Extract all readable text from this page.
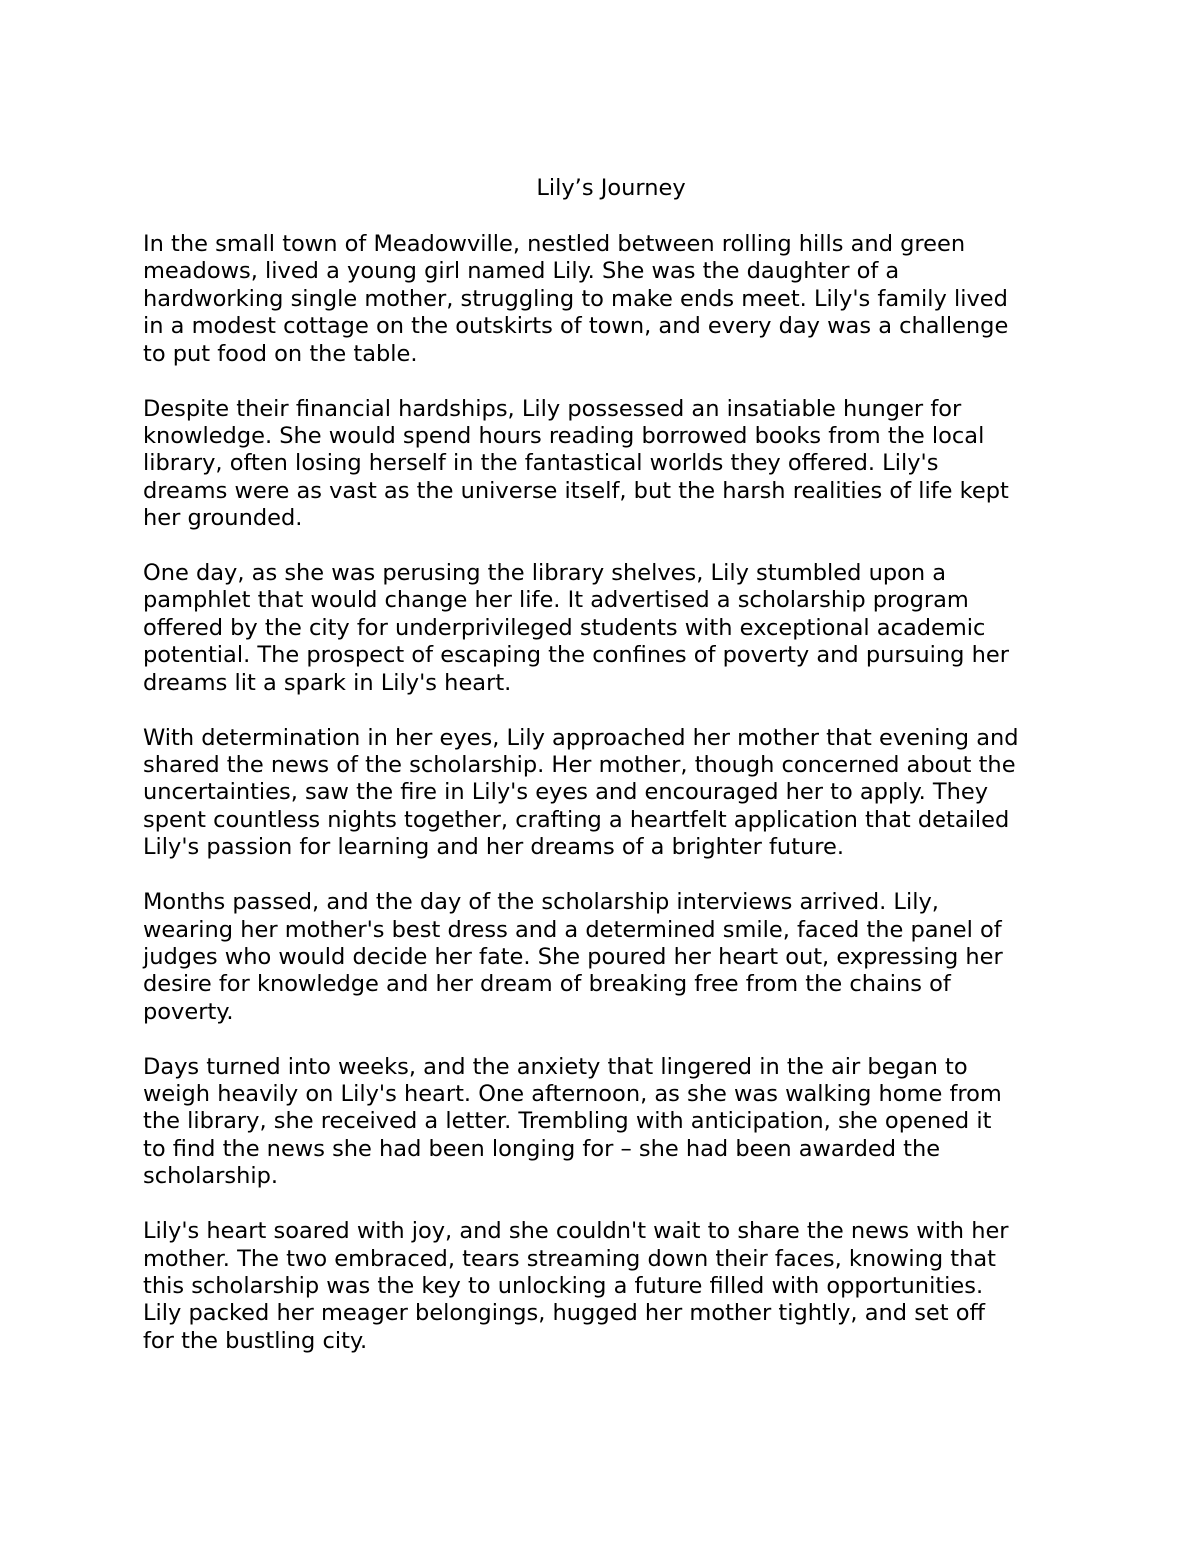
Lily’s Journey

In the small town of Meadowville, nestled between rolling hills and green
meadows, lived a young girl named Lily. She was the daughter of a
hardworking single mother, struggling to make ends meet. Lily's family lived
in a modest cottage on the outskirts of town, and every day was a challenge
to put food on the table.

Despite their financial hardships, Lily possessed an insatiable hunger for
knowledge. She would spend hours reading borrowed books from the local
library, often losing herself in the fantastical worlds they offered. Lily's
dreams were as vast as the universe itself, but the harsh realities of life kept
her grounded.

One day, as she was perusing the library shelves, Lily stumbled upon a
pamphlet that would change her life. It advertised a scholarship program
offered by the city for underprivileged students with exceptional academic
potential. The prospect of escaping the confines of poverty and pursuing her
dreams lit a spark in Lily's heart.

With determination in her eyes, Lily approached her mother that evening and
shared the news of the scholarship. Her mother, though concerned about the
uncertainties, saw the fire in Lily's eyes and encouraged her to apply. They
spent countless nights together, crafting a heartfelt application that detailed
Lily's passion for learning and her dreams of a brighter future.

Months passed, and the day of the scholarship interviews arrived. Lily,
wearing her mother's best dress and a determined smile, faced the panel of
judges who would decide her fate. She poured her heart out, expressing her
desire for knowledge and her dream of breaking free from the chains of
poverty.

Days turned into weeks, and the anxiety that lingered in the air began to
weigh heavily on Lily's heart. One afternoon, as she was walking home from
the library, she received a letter. Trembling with anticipation, she opened it
to find the news she had been longing for – she had been awarded the
scholarship.

Lily's heart soared with joy, and she couldn't wait to share the news with her
mother. The two embraced, tears streaming down their faces, knowing that
this scholarship was the key to unlocking a future filled with opportunities.
Lily packed her meager belongings, hugged her mother tightly, and set off
for the bustling city.
